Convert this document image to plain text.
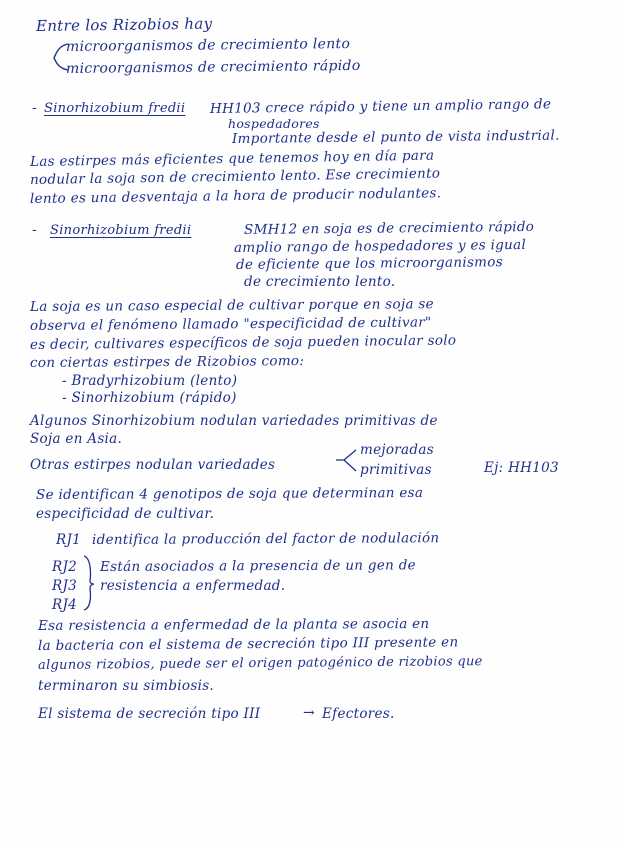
Entre los Rizobios hay
microorganismos de crecimiento lento
microorganismos de crecimiento rápido
- Sinorhizobium fredii HH103 crece rápido y tiene un amplio rango de
hospedadores
Importante desde el punto de vista industrial.
Las estirpes más eficientes que tenemos hoy en día para
nodular la soja son de crecimiento lento. Ese crecimiento
lento es una desventaja a la hora de producir nodulantes.
- Sinorhizobium fredii	SMH12 en soja es de crecimiento rápido
amplio rango de hospedadores y es igual
de eficiente que los microorganismos
de crecimiento lento.
La soja es un caso especial de cultivar porque en soja se
observa el fenómeno llamado "especificidad de cultivar"
es decir, cultivares específicos de soja pueden inocular solo
con ciertas estirpes de Rizobios como:
- Bradyrhizobium (lento)
- Sinorhizobium (rápido)
Algunos Sinorhizobium nodulan variedades primitivas de
Soja en Asia.
Otras estirpes nodulan variedades
mejoradas
primitivas	Ej: HH103
Se identifican 4 genotipos de soja que determinan esa
especificidad de cultivar.
RJ1 identifica la producción del factor de nodulación
RJ2
RJ3
RJ4
Están asociados a la presencia de un gen de
resistencia a enfermedad.
Esa resistencia a enfermedad de la planta se asocia en
la bacteria con el sistema de secreción tipo III presente en
algunos rizobios, puede ser el origen patogénico de rizobios que
terminaron su simbiosis.
El sistema de secreción tipo III	→ Efectores.
